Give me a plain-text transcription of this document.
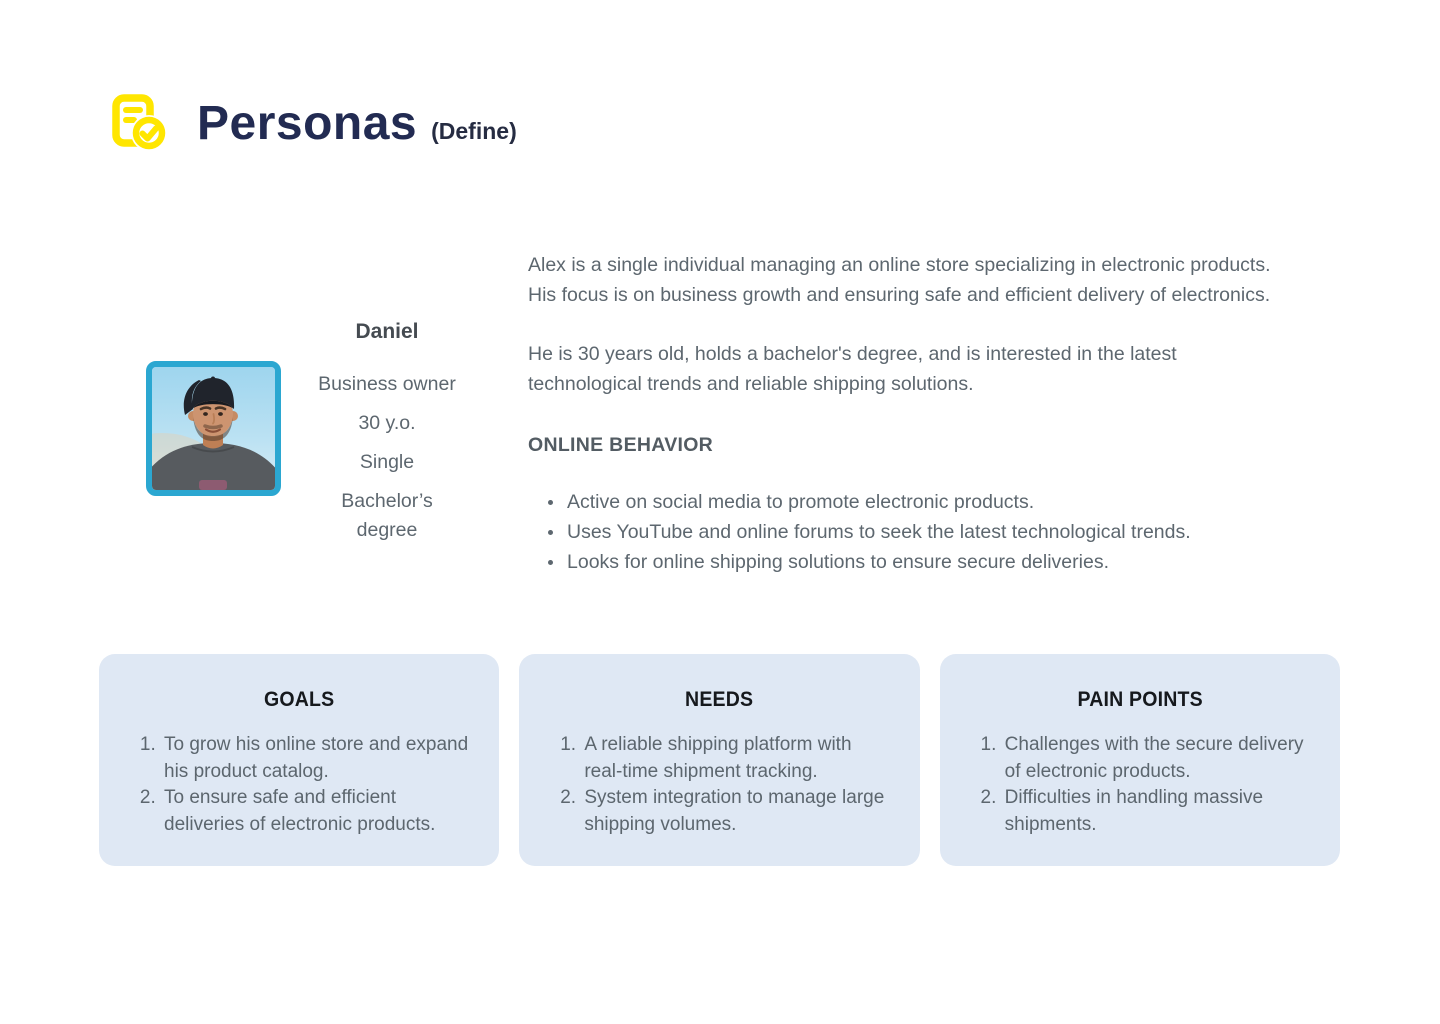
Personas (Define)
Daniel
Business owner
30 y.o.
Single
Bachelor’s degree

Alex is a single individual managing an online store specializing in electronic products. His focus is on business growth and ensuring safe and efficient delivery of electronics.

He is 30 years old, holds a bachelor's degree, and is interested in the latest technological trends and reliable shipping solutions.

ONLINE BEHAVIOR
• Active on social media to promote electronic products.
• Uses YouTube and online forums to seek the latest technological trends.
• Looks for online shipping solutions to ensure secure deliveries.
GOALS
1. To grow his online store and expand his product catalog.
2. To ensure safe and efficient deliveries of electronic products.
NEEDS
1. A reliable shipping platform with real-time shipment tracking.
2. System integration to manage large shipping volumes.
PAIN POINTS
1. Challenges with the secure delivery of electronic products.
2. Difficulties in handling massive shipments.
